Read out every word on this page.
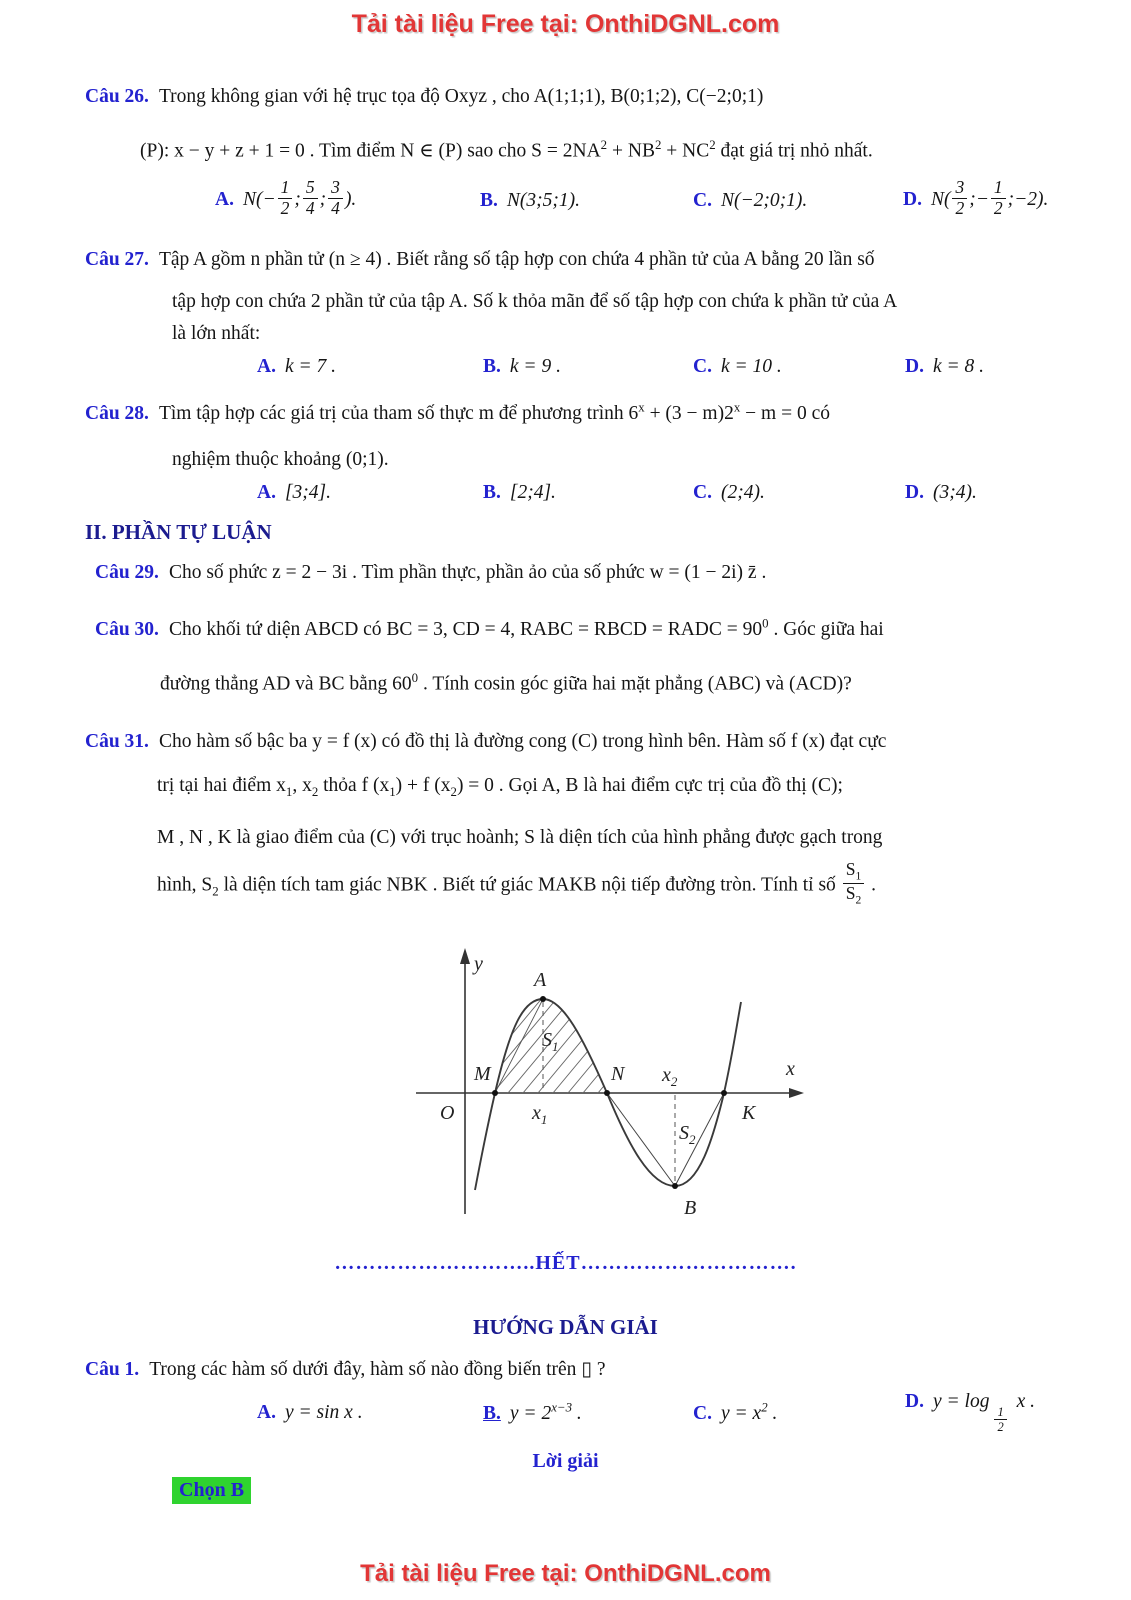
Tải tài liệu Free tại: OnthiDGNL.com
Câu 26. Trong không gian với hệ trục tọa độ Oxyz , cho A(1;1;1), B(0;1;2), C(−2;0;1)
(P): x − y + z + 1 = 0 . Tìm điểm N ∈ (P) sao cho $S = 2NA^2 + NB^2 + NC^2$ đạt giá trị nhỏ nhất.
A. $N(- \frac{1}{2}$ ; $\frac{5}{4}$ ; $\frac{3}{4}$ ).	B. N(3;5;1).	C. N(−2;0;1).	D. $N( \frac{3}{2}$ ;− $\frac{1}{2}$ ;−2).
Câu 27. Tập A gồm n phần tử (n ≥ 4) . Biết rằng số tập hợp con chứa 4 phần tử của A bằng 20 lần số
tập hợp con chứa 2 phần tử của tập A. Số k thỏa mãn để số tập hợp con chứa k phần tử của A
là lớn nhất:
A. k = 7 .	B. k = 9 .	C. k = 10 .	D. k = 8 .
Câu 28. Tìm tập hợp các giá trị của tham số thực m để phương trình $6^x + (3 - m)2^x - m = 0$ có
nghiệm thuộc khoảng (0;1).
A. [3;4].	B. [2;4].	C. (2;4).	D. (3;4).
II. PHẦN TỰ LUẬN
Câu 29. Cho số phức z = 2 − 3i . Tìm phần thực, phần ảo của số phức w = (1 − 2i) z̄ .
Câu 30. Cho khối tứ diện ABCD có BC = 3, CD = 4, RABC = RBCD = RADC = $90^0$ . Góc giữa hai
đường thẳng AD và BC bằng $60^0$ . Tính cosin góc giữa hai mặt phẳng (ABC) và (ACD)?
Câu 31. Cho hàm số bậc ba y = f (x) có đồ thị là đường cong (C) trong hình bên. Hàm số f (x) đạt cực
trị tại hai điểm $x_1$, $x_2$ thỏa f $(x_1) + f$ $(x_2) = 0$ . Gọi A, B là hai điểm cực trị của đồ thị (C);
M , N , K là giao điểm của (C) với trục hoành; S là diện tích của hình phẳng được gạch trong
hình, $S_2$ là diện tích tam giác NBK . Biết tứ giác MAKB nội tiếp đường tròn. Tính tỉ số $\frac{S_1}{S_2}$ .
y
A
$S_1$
M	N $x_2$
x
O	$x_1$
$S_2$
K
B
………………………..HẾT………………………….
HƯỚNG DẪN GIẢI
Câu 1. Trong các hàm số dưới đây, hàm số nào đồng biến trên ▯ ?
A. y = sin x .	B. $y = 2^{x-3}$ .	C. $y = x^2$ .
D. y = log
$\frac{1}{2}$
x .
Lời giải
Chọn B
Tải tài liệu Free tại: OnthiDGNL.com
